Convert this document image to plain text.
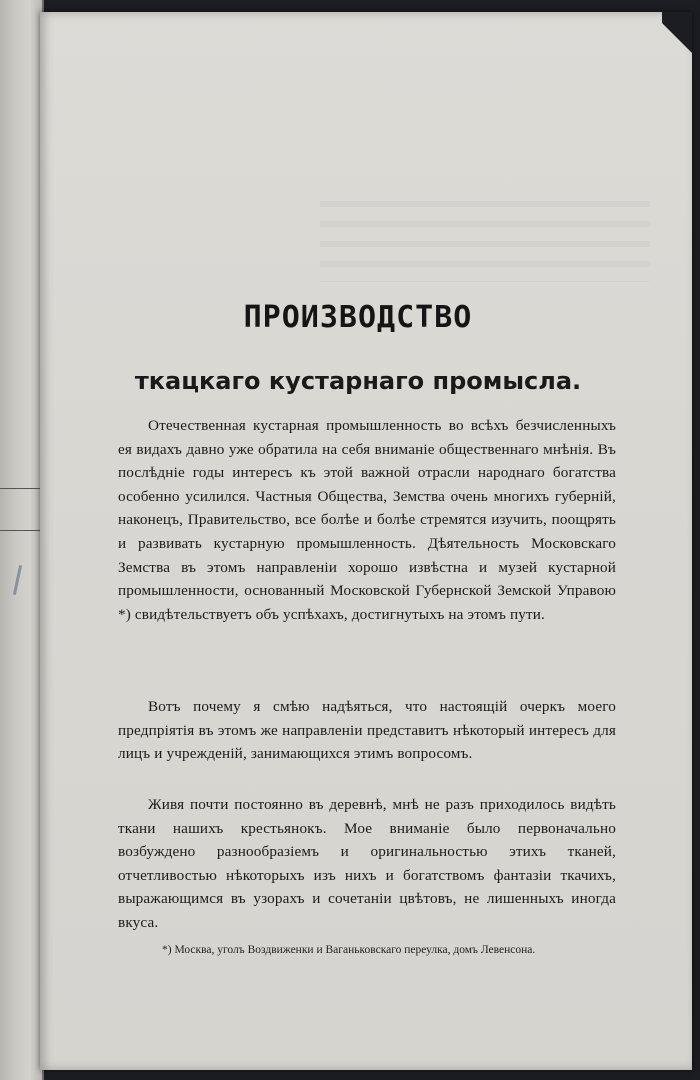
ПРОИЗВОДСТВО
ткацкаго кустарнаго промысла.

Отечественная кустарная промышленность во всѣхъ безчисленныхъ ея видахъ давно уже обратила на себя вниманіе общественнаго мнѣнія. Въ послѣдніе годы интересъ къ этой важной отрасли народнаго богатства особенно усилился. Частныя Общества, Земства очень многихъ губерній, наконецъ, Правительство, все болѣе и болѣе стремятся изучить, поощрять и развивать кустарную промышленность. Дѣятельность Московскаго Земства въ этомъ направленіи хорошо извѣстна и музей кустарной промышленности, основанный Московской Губернской Земской Управою *) свидѣтельствуетъ объ успѣхахъ, достигнутыхъ на этомъ пути.

Вотъ почему я смѣю надѣяться, что настоящій очеркъ моего предпріятія въ этомъ же направленіи представитъ нѣкоторый интересъ для лицъ и учрежденій, занимающихся этимъ вопросомъ.

Живя почти постоянно въ деревнѣ, мнѣ не разъ приходилось видѣть ткани нашихъ крестьянокъ. Мое вниманіе было первоначально возбуждено разнообразіемъ и оригинальностью этихъ тканей, отчетливостью нѣкоторыхъ изъ нихъ и богатствомъ фантазіи ткачихъ, выражающимся въ узорахъ и сочетаніи цвѣтовъ, не лишенныхъ иногда вкуса.

*) Москва, уголъ Воздвиженки и Ваганьковскаго переулка, домъ Левенсона.
